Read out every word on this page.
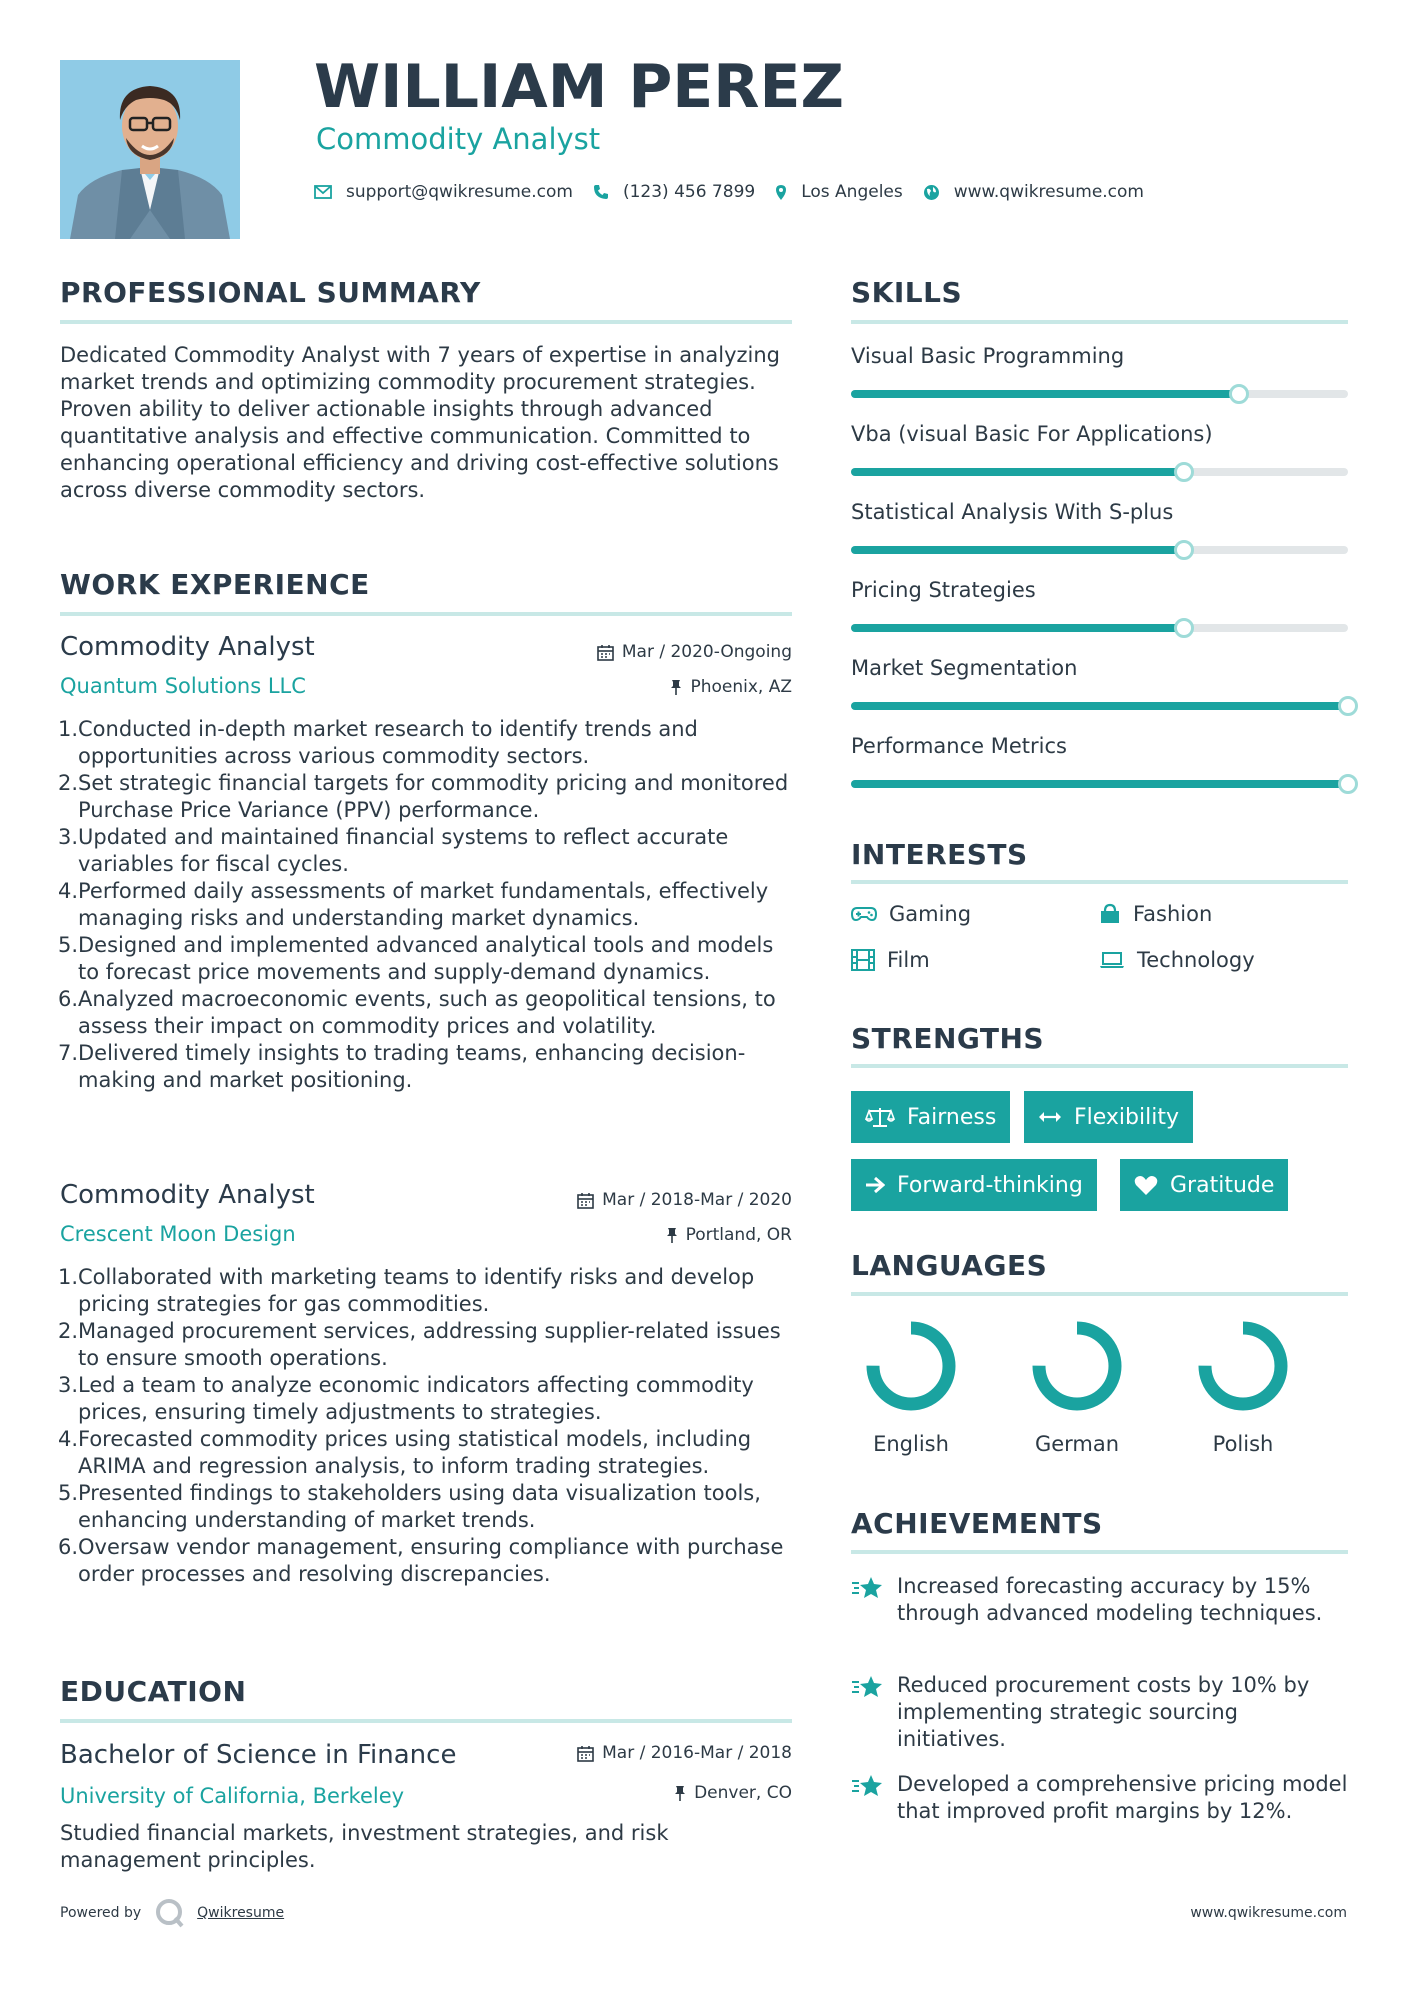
WILLIAM PEREZ
Commodity Analyst
support@qwikresume.com	(123) 456 7899	Los Angeles	www.qwikresume.com
PROFESSIONAL SUMMARY
Dedicated Commodity Analyst with 7 years of expertise in analyzing market trends and optimizing commodity procurement strategies. Proven ability to deliver actionable insights through advanced quantitative analysis and effective communication. Committed to enhancing operational efficiency and driving cost-effective solutions across diverse commodity sectors.
WORK EXPERIENCE
Commodity Analyst
Quantum Solutions LLC
Mar / 2020-Ongoing
Phoenix, AZ
1. Conducted in-depth market research to identify trends and opportunities across various commodity sectors.
2. Set strategic financial targets for commodity pricing and monitored Purchase Price Variance (PPV) performance.
3. Updated and maintained financial systems to reflect accurate variables for fiscal cycles.
4. Performed daily assessments of market fundamentals, effectively managing risks and understanding market dynamics.
5. Designed and implemented advanced analytical tools and models to forecast price movements and supply-demand dynamics.
6. Analyzed macroeconomic events, such as geopolitical tensions, to assess their impact on commodity prices and volatility.
7. Delivered timely insights to trading teams, enhancing decision-making and market positioning.
Commodity Analyst
Crescent Moon Design
Mar / 2018-Mar / 2020
Portland, OR
1. Collaborated with marketing teams to identify risks and develop pricing strategies for gas commodities.
2. Managed procurement services, addressing supplier-related issues to ensure smooth operations.
3. Led a team to analyze economic indicators affecting commodity prices, ensuring timely adjustments to strategies.
4. Forecasted commodity prices using statistical models, including ARIMA and regression analysis, to inform trading strategies.
5. Presented findings to stakeholders using data visualization tools, enhancing understanding of market trends.
6. Oversaw vendor management, ensuring compliance with purchase order processes and resolving discrepancies.
EDUCATION
Bachelor of Science in Finance
University of California, Berkeley
Mar / 2016-Mar / 2018
Denver, CO
Studied financial markets, investment strategies, and risk management principles.
SKILLS
Visual Basic Programming
Vba (visual Basic For Applications)
Statistical Analysis With S-plus
Pricing Strategies
Market Segmentation
Performance Metrics
INTERESTS
Gaming	Fashion
Film	Technology
STRENGTHS
Fairness	Flexibility
Forward-thinking	Gratitude
LANGUAGES
English	German	Polish
ACHIEVEMENTS
Increased forecasting accuracy by 15% through advanced modeling techniques.
Reduced procurement costs by 10% by implementing strategic sourcing initiatives.
Developed a comprehensive pricing model that improved profit margins by 12%.
Powered by	Qwikresume	www.qwikresume.com
